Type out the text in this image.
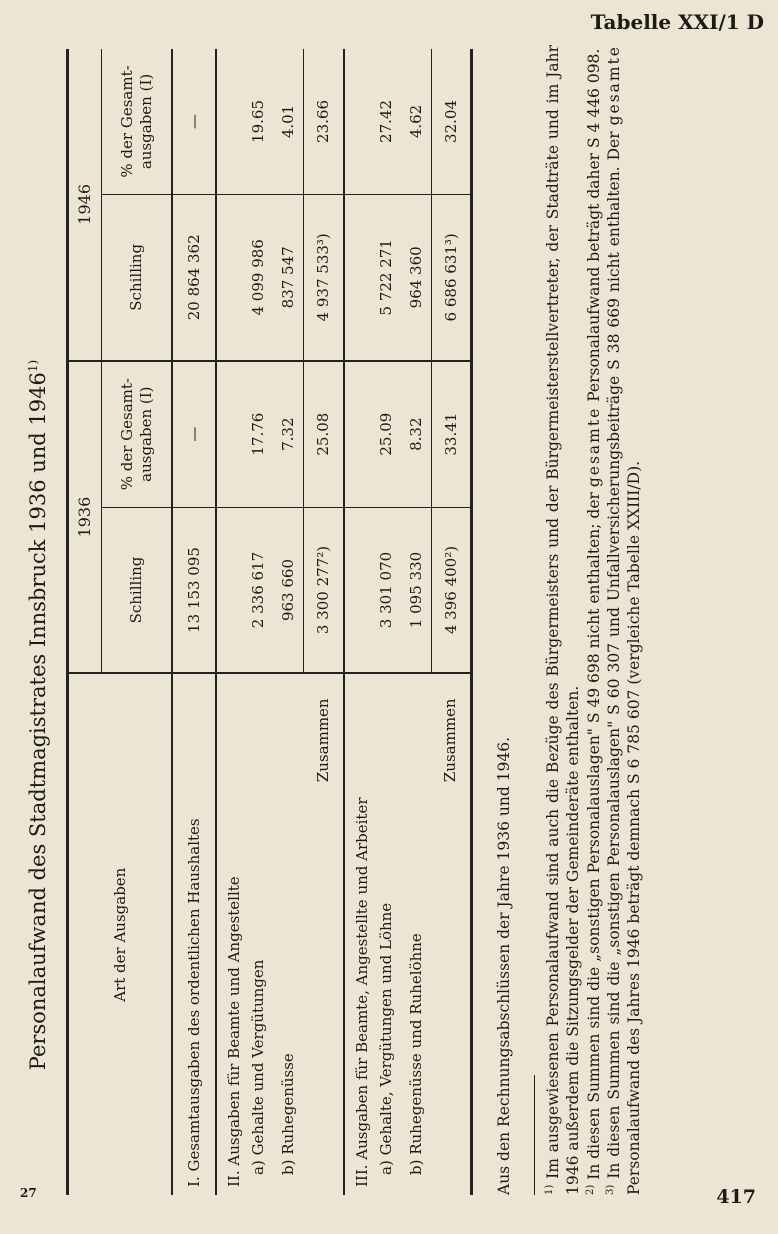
Tabelle XXI/1 D
Personalaufwand des Stadtmagistrates Innsbruck 1936 und 1946$^{1)}$
Art der Ausgaben	1936		1946	
	Schilling	% der Gesamt-ausgaben (I)	Schilling	% der Gesamt-ausgaben (I)
I. Gesamtausgaben des ordentlichen Haushaltes	13 153 095	—	20 864 362	—
II. Ausgaben für Beamte und Angestellte				
a) Gehalte und Vergütungen	2 336 617	17.76	4 099 986	19.65
b) Ruhegenüsse	963 660	7.32	837 547	4.01
Zusammen	3 300 277²)	25.08	4 937 533³)	23.66
III. Ausgaben für Beamte, Angestellte und Arbeiter				
a) Gehalte, Vergütungen und Löhne	3 301 070	25.09	5 722 271	27.42
b) Ruhegenüsse und Ruhelöhne	1 095 330	8.32	964 360	4.62
Zusammen	4 396 400²)	33.41	6 686 631³)	32.04

Aus den Rechnungsabschlüssen der Jahre 1936 und 1946.	$^{1)}$ Im ausgewiesenen Personalaufwand sind auch die Bezüge des Bürgermeisters und der Bürgermeisterstellvertreter, der Stadträte und im Jahr 1946 außerdem die Sitzungsgelder der Gemeinderäte enthalten. $^{2)}$ In diesen Summen sind die „sonstigen Personalauslagen" S 49 698 nicht enthalten; der gesamte Personalaufwand beträgt daher S 4 446 098.

$^{3)}$ In diesen Summen sind die „sonstigen Personalauslagen" S 60 307 und Unfallversicherungsbeiträge S 38 669 nicht enthalten. Der gesamte Personalaufwand des Jahres 1946 beträgt demnach S 6 785 607 (vergleiche Tabelle XXIII/D).

27	417
